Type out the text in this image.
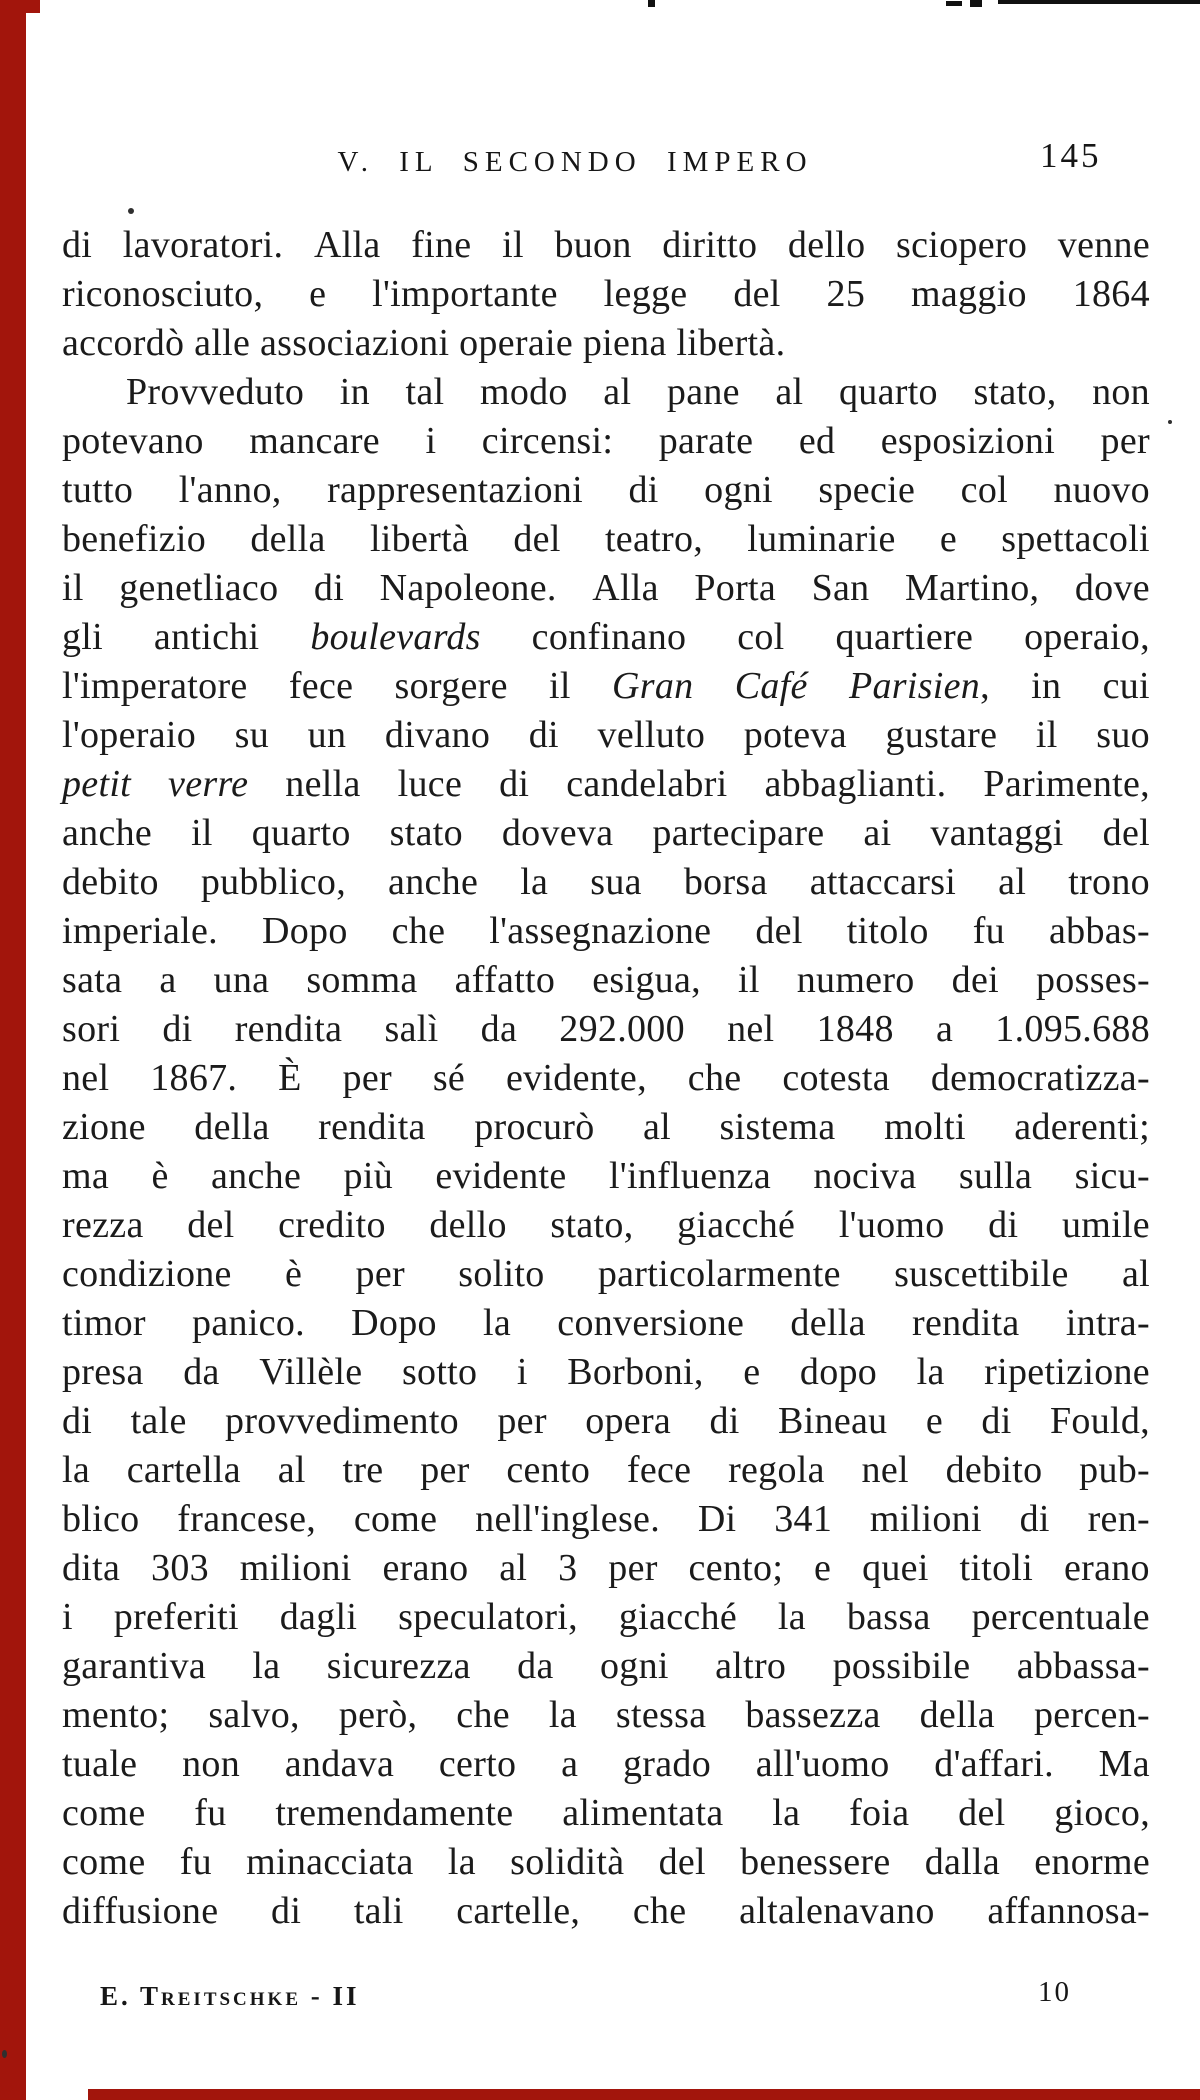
V. IL SECONDO IMPERO	145
di lavoratori. Alla fine il buon diritto dello sciopero venne
riconosciuto, e l'importante legge del 25 maggio 1864
accordò alle associazioni operaie piena libertà.
Provveduto in tal modo al pane al quarto stato, non
potevano mancare i circensi: parate ed esposizioni per
tutto l'anno, rappresentazioni di ogni specie col nuovo
benefizio della libertà del teatro, luminarie e spettacoli
il genetliaco di Napoleone. Alla Porta San Martino, dove
gli antichi boulevards confinano col quartiere operaio,
l'imperatore fece sorgere il Gran Café Parisien, in cui
l'operaio su un divano di velluto poteva gustare il suo
petit verre nella luce di candelabri abbaglianti. Parimente,
anche il quarto stato doveva partecipare ai vantaggi del
debito pubblico, anche la sua borsa attaccarsi al trono
imperiale. Dopo che l'assegnazione del titolo fu abbas-
sata a una somma affatto esigua, il numero dei posses-
sori di rendita salì da 292.000 nel 1848 a 1.095.688
nel 1867. È per sé evidente, che cotesta democratizza-
zione della rendita procurò al sistema molti aderenti;
ma è anche più evidente l'influenza nociva sulla sicu-
rezza del credito dello stato, giacché l'uomo di umile
condizione è per solito particolarmente suscettibile al
timor panico. Dopo la conversione della rendita intra-
presa da Villèle sotto i Borboni, e dopo la ripetizione
di tale provvedimento per opera di Bineau e di Fould,
la cartella al tre per cento fece regola nel debito pub-
blico francese, come nell'inglese. Di 341 milioni di ren-
dita 303 milioni erano al 3 per cento; e quei titoli erano
i preferiti dagli speculatori, giacché la bassa percentuale
garantiva la sicurezza da ogni altro possibile abbassa-
mento; salvo, però, che la stessa bassezza della percen-
tuale non andava certo a grado all'uomo d'affari. Ma
come fu tremendamente alimentata la foia del gioco,
come fu minacciata la solidità del benessere dalla enorme
diffusione di tali cartelle, che altalenavano affannosa-
E. Treitschke - II	10
